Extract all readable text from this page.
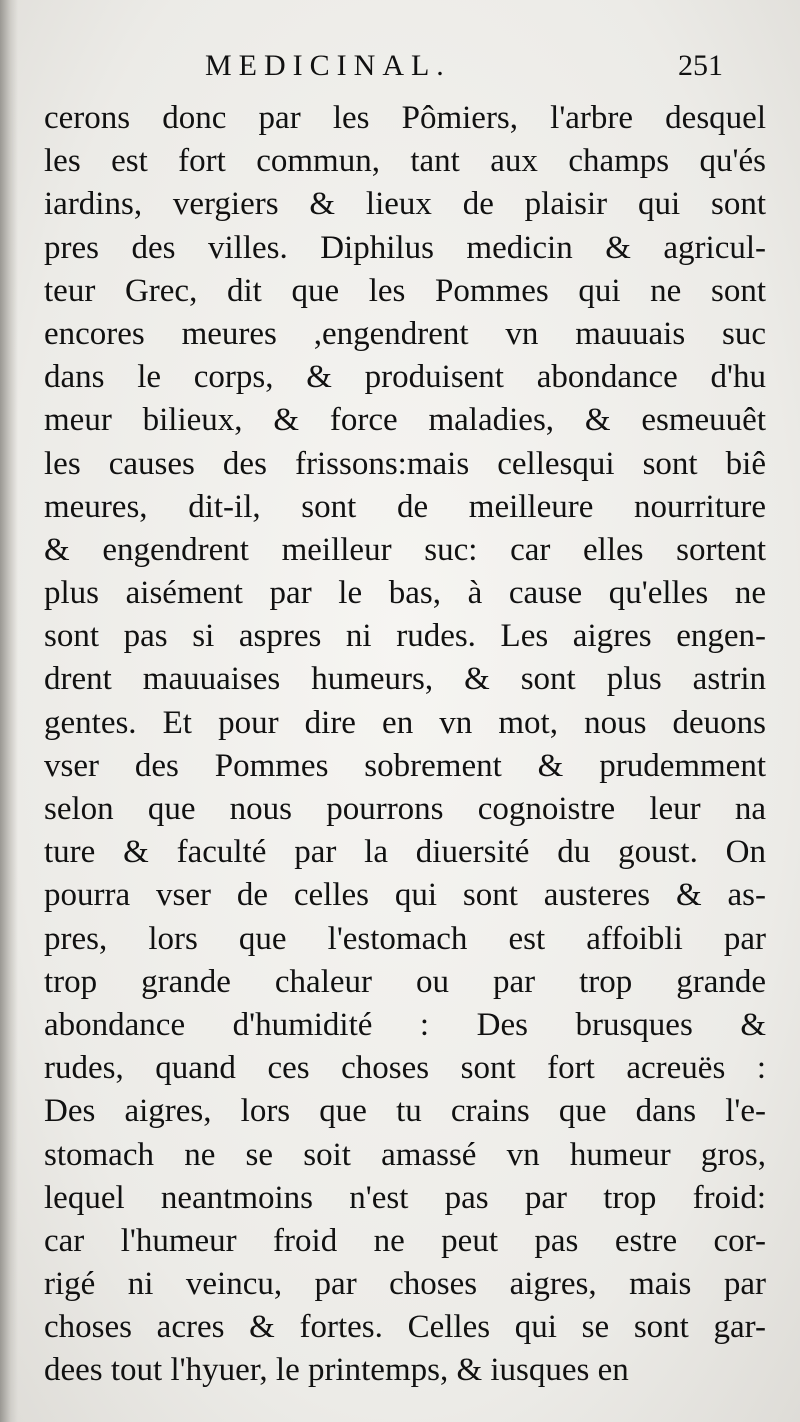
MEDICINAL.	251
cerons donc par les Pômiers, l'arbre desquel
les est fort commun, tant aux champs qu'és
iardins, vergiers & lieux de plaisir qui sont
pres des villes. Diphilus medicin & agricul-
teur Grec, dit que les Pommes qui ne sont
encores meures ,engendrent vn mauuais suc
dans le corps, & produisent abondance d'hu
meur bilieux, & force maladies, & esmeuuêt
les causes des frissons:mais cellesqui sont biê
meures, dit-il, sont de meilleure nourriture
& engendrent meilleur suc: car elles sortent
plus aisément par le bas, à cause qu'elles ne
sont pas si aspres ni rudes. Les aigres engen-
drent mauuaises humeurs, & sont plus astrin
gentes. Et pour dire en vn mot, nous deuons
vser des Pommes sobrement & prudemment
selon que nous pourrons cognoistre leur na
ture & faculté par la diuersité du goust. On
pourra vser de celles qui sont austeres & as-
pres, lors que l'estomach est affoibli par
trop grande chaleur ou par trop grande
abondance d'humidité : Des brusques &
rudes, quand ces choses sont fort acreuës :
Des aigres, lors que tu crains que dans l'e-
stomach ne se soit amassé vn humeur gros,
lequel neantmoins n'est pas par trop froid:
car l'humeur froid ne peut pas estre cor-
rigé ni veincu, par choses aigres, mais par
choses acres & fortes. Celles qui se sont gar-
dees tout l'hyuer, le printemps, & iusques en
